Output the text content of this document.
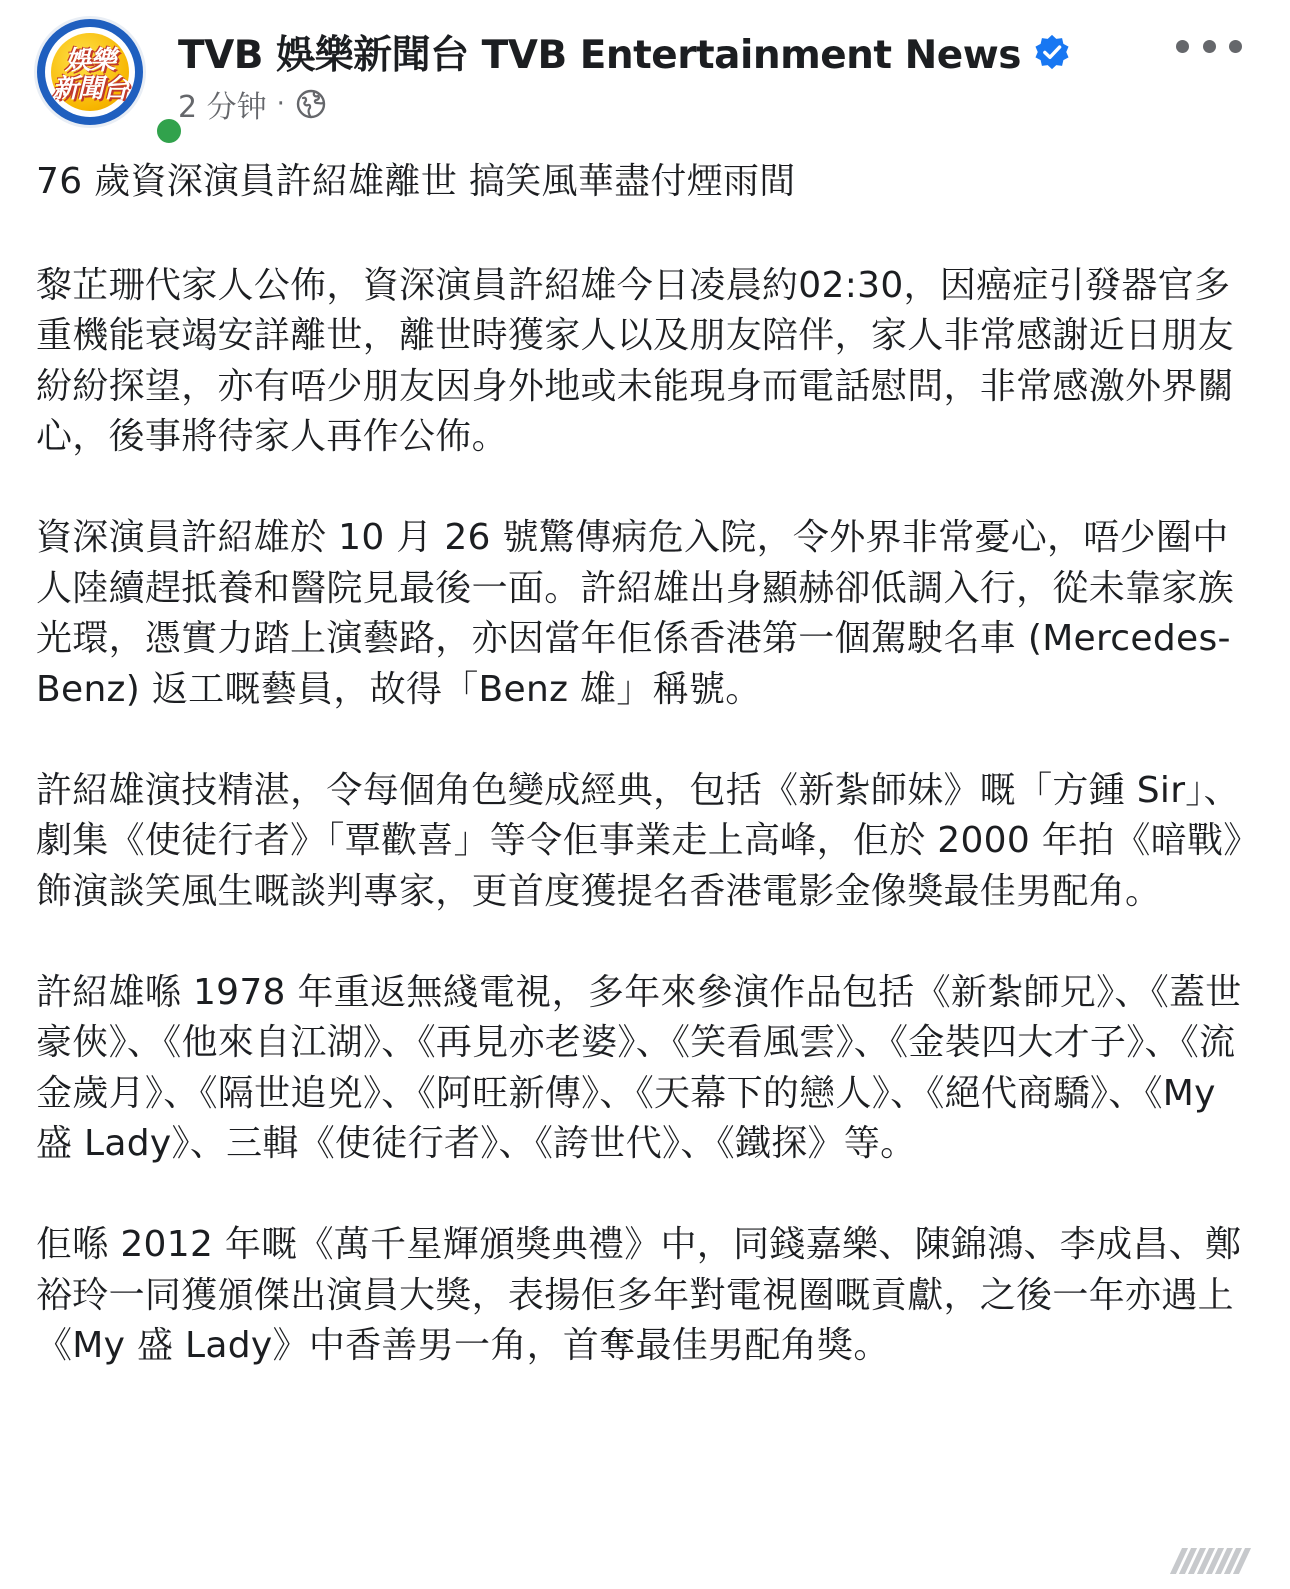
娛樂
新聞台
TVB 娛樂新聞台 TVB Entertainment News
2 分钟 ·

76 歲資深演員許紹雄離世 搞笑風華盡付煙雨間

黎芷珊代家人公佈，資深演員許紹雄今日凌晨約02:30，因癌症引發器官多重機能衰竭安詳離世，離世時獲家人以及朋友陪伴，家人非常感謝近日朋友紛紛探望，亦有唔少朋友因身外地或未能現身而電話慰問，非常感激外界關心，後事將待家人再作公佈。

資深演員許紹雄於 10 月 26 號驚傳病危入院，令外界非常憂心，唔少圈中人陸續趕抵養和醫院見最後一面。許紹雄出身顯赫卻低調入行，從未靠家族光環，憑實力踏上演藝路，亦因當年佢係香港第一個駕駛名車 (Mercedes-Benz) 返工嘅藝員，故得「Benz 雄」稱號。

許紹雄演技精湛，令每個角色變成經典，包括《新紮師妹》嘅「方鍾 Sir」、劇集《使徒行者》「覃歡喜」等令佢事業走上高峰，佢於 2000 年拍《暗戰》飾演談笑風生嘅談判專家，更首度獲提名香港電影金像獎最佳男配角。

許紹雄喺 1978 年重返無綫電視，多年來參演作品包括《新紮師兄》、《蓋世豪俠》、《他來自江湖》、《再見亦老婆》、《笑看風雲》、《金裝四大才子》、《流金歲月》、《隔世追兇》、《阿旺新傳》、《天幕下的戀人》、《絕代商驕》、《My 盛 Lady》、三輯《使徒行者》、《誇世代》、《鐵探》等。

佢喺 2012 年嘅《萬千星輝頒獎典禮》中，同錢嘉樂、陳錦鴻、李成昌、鄭裕玲一同獲頒傑出演員大獎，表揚佢多年對電視圈嘅貢獻，之後一年亦遇上《My 盛 Lady》中香善男一角，首奪最佳男配角獎。
